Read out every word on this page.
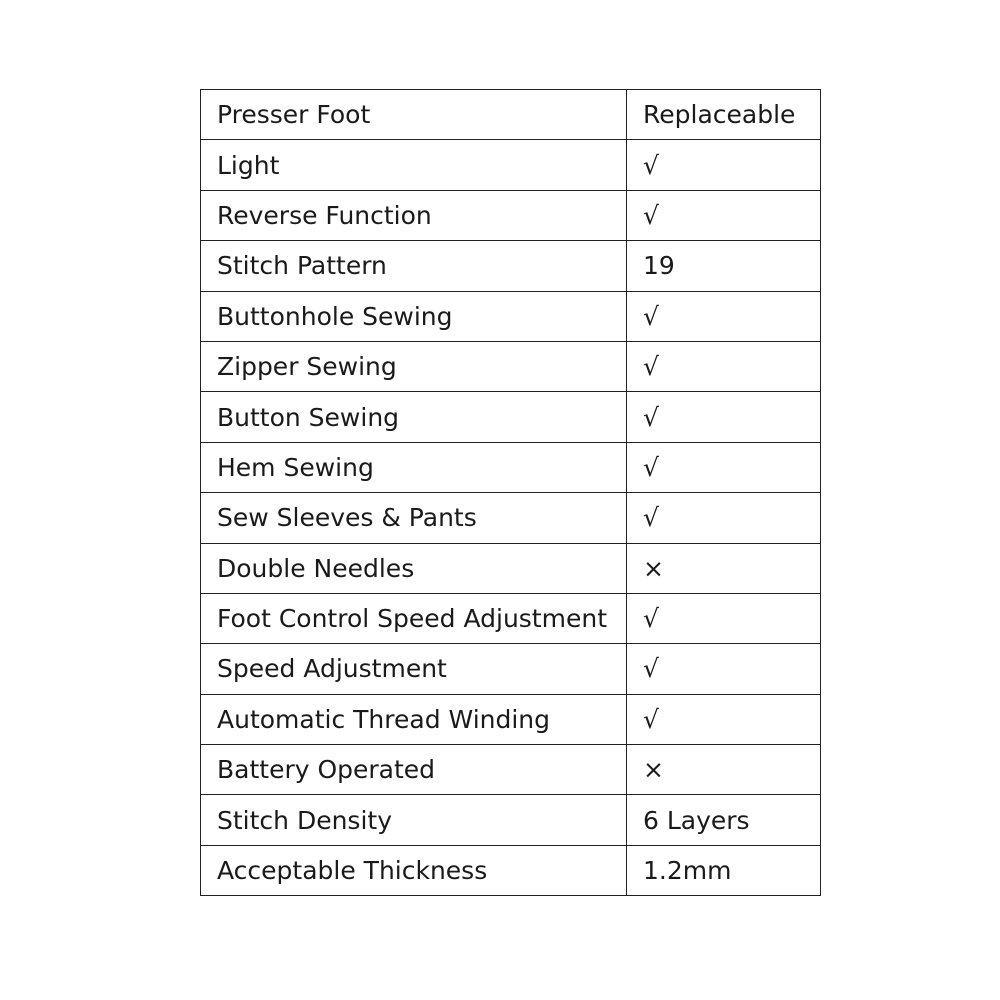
Presser Foot	Replaceable
Light	√
Reverse Function	√
Stitch Pattern	19
Buttonhole Sewing	√
Zipper Sewing	√
Button Sewing	√
Hem Sewing	√
Sew Sleeves & Pants	√
Double Needles	×
Foot Control Speed Adjustment	√
Speed Adjustment	√
Automatic Thread Winding	√
Battery Operated	×
Stitch Density	6 Layers
Acceptable Thickness	1.2mm
